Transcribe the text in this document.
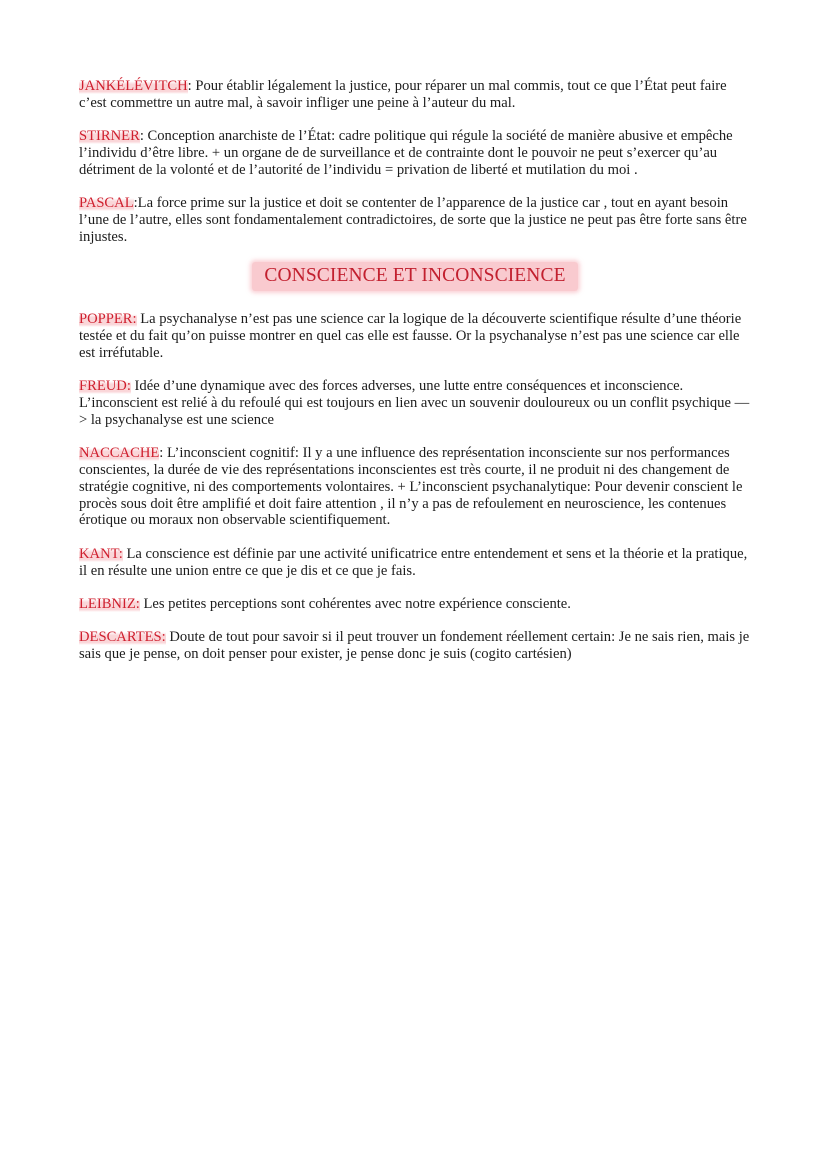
JANKÉLÉVITCH: Pour établir légalement la justice, pour réparer un mal commis, tout ce que l’État peut faire c’est commettre un autre mal, à savoir infliger une peine à l’auteur du mal.

STIRNER: Conception anarchiste de l’État: cadre politique qui régule la société de manière abusive et empêche l’individu d’être libre. + un organe de de surveillance et de contrainte dont le pouvoir ne peut s’exercer qu’au détriment de la volonté et de l’autorité de l’individu = privation de liberté et mutilation du moi .

PASCAL:La force prime sur la justice et doit se contenter de l’apparence de la justice car , tout en ayant besoin l’une de l’autre, elles sont fondamentalement contradictoires, de sorte que la justice ne peut pas être forte sans être injustes.

CONSCIENCE ET INCONSCIENCE

POPPER: La psychanalyse n’est pas une science car la logique de la découverte scientifique résulte d’une théorie testée et du fait qu’on puisse montrer en quel cas elle est fausse. Or la psychanalyse n’est pas une science car elle est irréfutable.

FREUD: Idée d’une dynamique avec des forces adverses, une lutte entre conséquences et inconscience. L’inconscient est relié à du refoulé qui est toujours en lien avec un souvenir douloureux ou un conflit psychique —> la psychanalyse est une science

NACCACHE: L’inconscient cognitif: Il y a une influence des représentation inconsciente sur nos performances conscientes, la durée de vie des représentations inconscientes est très courte, il ne produit ni des changement de stratégie cognitive, ni des comportements volontaires. + L’inconscient psychanalytique: Pour devenir conscient le procès sous doit être amplifié et doit faire attention , il n’y a pas de refoulement en neuroscience, les contenues érotique ou moraux non observable scientifiquement.

KANT: La conscience est définie par une activité unificatrice entre entendement et sens et la théorie et la pratique, il en résulte une union entre ce que je dis et ce que je fais.

LEIBNIZ: Les petites perceptions sont cohérentes avec notre expérience consciente.

DESCARTES: Doute de tout pour savoir si il peut trouver un fondement réellement certain: Je ne sais rien, mais je sais que je pense, on doit penser pour exister, je pense donc je suis (cogito cartésien)
